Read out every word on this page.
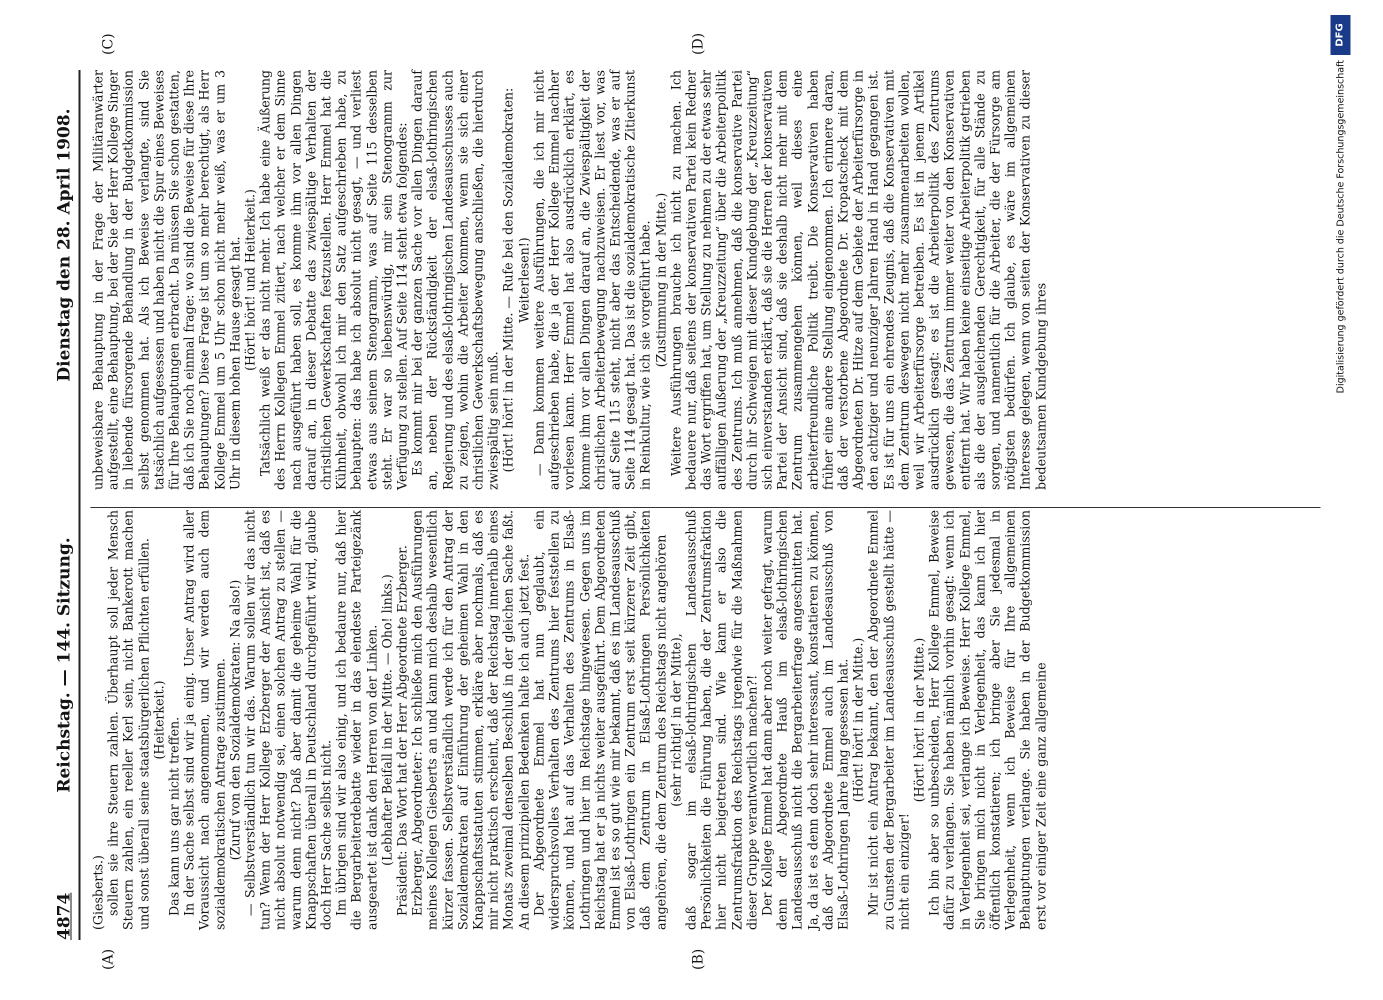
4874
Reichstag. — 144. Sitzung.
Dienstag den 28. April 1908.
(A)	(B)
(C)	(D)

(Giesberts.) sollen sie ihre Steuern zahlen. Überhaupt soll jeder Mensch Steuern zahlen, ein reeller Kerl sein, nicht Bankerott machen und sonst überall seine staatsbürgerlichen Pflichten erfüllen. (Heiterkeit.) Das kann uns gar nicht treffen. In der Sache selbst sind wir ja einig. Unser Antrag wird aller Voraussicht nach angenommen, und wir werden auch dem sozialdemokratischen Antrage zustimmen. (Zuruf von den Sozialdemokraten: Na also!) — Selbstverständlich tun wir das. Warum sollen wir das nicht tun? Wenn der Herr Kollege Erzberger der Ansicht ist, daß es nicht absolut notwendig sei, einen solchen Antrag zu stellen — warum denn nicht? Daß aber damit die geheime Wahl für die Knappschaften überall in Deutschland durchgeführt wird, glaube doch Herr Sache selbst nicht. Im übrigen sind wir also einig, und ich bedaure nur, daß hier die Bergarbeiterdebatte wieder in das elendeste Parteigezänk ausgeartet ist dank den Herren von der Linken. (Lebhafter Beifall in der Mitte. — Oho! links.) Präsident: Das Wort hat der Herr Abgeordnete Erzberger. Erzberger, Abgeordneter: Ich schließe mich den Ausführungen meines Kollegen Giesberts an und kann mich deshalb wesentlich kürzer fassen. Selbstverständlich werde ich für den Antrag der Sozialdemokraten auf Einführung der geheimen Wahl in den Knappschaftsstatuten stimmen, erkläre aber nochmals, daß es mir nicht praktisch erscheint, daß der Reichstag innerhalb eines Monats zweimal denselben Beschluß in der gleichen Sache faßt. An diesem prinzipiellen Bedenken halte ich auch jetzt fest. Der Abgeordnete Emmel hat nun geglaubt, ein widerspruchsvolles Verhalten des Zentrums hier feststellen zu können, und hat auf das Verhalten des Zentrums in Elsaß-Lothringen und hier im Reichstage hingewiesen. Gegen uns im Reichstag hat er ja nichts weiter ausgeführt. Dem Abgeordneten Emmel ist es so gut wie mir bekannt, daß es im Landesausschuß von Elsaß-Lothringen ein Zentrum erst seit kürzerer Zeit gibt, daß dem Zentrum in Elsaß-Lothringen Persönlichkeiten angehören, die dem Zentrum des Reichstags nicht angehören (sehr richtig! in der Mitte), daß sogar im elsaß-lothringischen Landesausschuß Persönlichkeiten die Führung haben, die der Zentrumsfraktion hier nicht beigetreten sind. Wie kann er also die Zentrumsfraktion des Reichstags irgendwie für die Maßnahmen dieser Gruppe verantwortlich machen?! Der Kollege Emmel hat dann aber noch weiter gefragt, warum denn der Abgeordnete Hauß im elsaß-lothringischen Landesausschuß nicht die Bergarbeiterfrage angeschnitten hat. Ja, da ist es denn doch sehr interessant, konstatieren zu können, daß der Abgeordnete Emmel auch im Landesausschuß von Elsaß-Lothringen Jahre lang gesessen hat. (Hört! hört! in der Mitte.) Mir ist nicht ein Antrag bekannt, den der Abgeordnete Emmel zu Gunsten der Bergarbeiter im Landesausschuß gestellt hätte — nicht ein einziger!

(Hört! hört! in der Mitte.) Ich bin aber so unbescheiden, Herr Kollege Emmel, Beweise dafür zu verlangen. Sie haben nämlich vorhin gesagt: wenn ich in Verlegenheit sei, verlange ich Beweise. Herr Kollege Emmel, Sie bringen mich nicht in Verlegenheit, das kann ich hier öffentlich konstatieren; ich bringe aber Sie jedesmal in Verlegenheit, wenn ich Beweise für Ihre allgemeinen Behauptungen verlange. Sie haben in der Budgetkommission erst vor einiger Zeit eine ganz allgemeine

unbeweisbare Behauptung in der Frage der Militäranwärter aufgestellt, eine Behauptung, bei der Sie der Herr Kollege Singer in liebende fürsorgende Behandlung in der Budgetkommission selbst genommen hat. Als ich Beweise verlangte, sind Sie tatsächlich aufgesessen und haben nicht die Spur eines Beweises für Ihre Behauptungen erbracht. Da müssen Sie schon gestatten, daß ich Sie noch einmal frage: wo sind die Beweise für diese Ihre Behauptungen? Diese Frage ist um so mehr berechtigt, als Herr Kollege Emmel um 5 Uhr schon nicht mehr weiß, was er um 3 Uhr in diesem hohen Hause gesagt hat. (Hört! hört! und Heiterkeit.) Tatsächlich weiß er das nicht mehr. Ich habe eine Äußerung des Herrn Kollegen Emmel zitiert, nach welcher er dem Sinne nach ausgeführt haben soll, es komme ihm vor allen Dingen darauf an, in dieser Debatte das zwiespältige Verhalten der christlichen Gewerkschaften festzustellen. Herr Emmel hat die Kühnheit, obwohl ich mir den Satz aufgeschrieben habe, zu behaupten: das habe ich absolut nicht gesagt, — und verliest etwas aus seinem Stenogramm, was auf Seite 115 desselben steht. Er war so liebenswürdig, mir sein Stenogramm zur Verfügung zu stellen. Auf Seite 114 steht etwa folgendes: Es kommt mir bei der ganzen Sache vor allen Dingen darauf an, neben der Rückständigkeit der elsaß-lothringischen Regierung und des elsaß-lothringischen Landesausschusses auch zu zeigen, wohin die Arbeiter kommen, wenn sie sich einer christlichen Gewerkschaftsbewegung anschließen, die hierdurch zwiespältig sein muß. (Hört! hört! in der Mitte. — Rufe bei den Sozialdemokraten: Weiterlesen!) — Dann kommen weitere Ausführungen, die ich mir nicht aufgeschrieben habe, die ja der Herr Kollege Emmel nachher vorlesen kann. Herr Emmel hat also ausdrücklich erklärt, es komme ihm vor allen Dingen darauf an, die Zwiespältigkeit der christlichen Arbeiterbewegung nachzuweisen. Er liest vor, was auf Seite 115 steht, nicht aber das Entscheidende, was er auf Seite 114 gesagt hat. Das ist die sozialdemokratische Zitierkunst in Reinkultur, wie ich sie vorgeführt habe. (Zustimmung in der Mitte.) Weitere Ausführungen brauche ich nicht zu machen. Ich bedauere nur, daß seitens der konservativen Partei kein Redner das Wort ergriffen hat, um Stellung zu nehmen zu der etwas sehr auffälligen Äußerung der „Kreuzzeitung“ über die Arbeiterpolitik des Zentrums. Ich muß annehmen, daß die konservative Partei durch ihr Schweigen mit dieser Kundgebung der „Kreuzzeitung“ sich einverstanden erklärt, daß sie die Herren der konservativen Partei der Ansicht sind, daß sie deshalb nicht mehr mit dem Zentrum zusammengehen können, weil dieses eine arbeiterfreundliche Politik treibt. Die Konservativen haben früher eine andere Stellung eingenommen. Ich erinnere daran, daß der verstorbene Abgeordnete Dr. Kropatscheck mit dem Abgeordneten Dr. Hitze auf dem Gebiete der Arbeiterfürsorge in den achtziger und neunziger Jahren Hand in Hand gegangen ist. Es ist für uns ein ehrendes Zeugnis, daß die Konservativen mit dem Zentrum deswegen nicht mehr zusammenarbeiten wollen, weil wir Arbeiterfürsorge betreiben. Es ist in jenem Artikel ausdrücklich gesagt: es ist die Arbeiterpolitik des Zentrums gewesen, die das Zentrum immer weiter von den Konservativen entfernt hat. Wir haben keine einseitige Arbeiterpolitik getrieben als die der ausgleichenden Gerechtigkeit, für alle Stände zu sorgen, und namentlich für die Arbeiter, die der Fürsorge am nötigsten bedürfen. Ich glaube, es wäre im allgemeinen Interesse gelegen, wenn von seiten der Konservativen zu dieser bedeutsamen Kundgebung ihres	Digitalisierung gefördert durch die Deutsche Forschungsgemeinschaft
DFG
